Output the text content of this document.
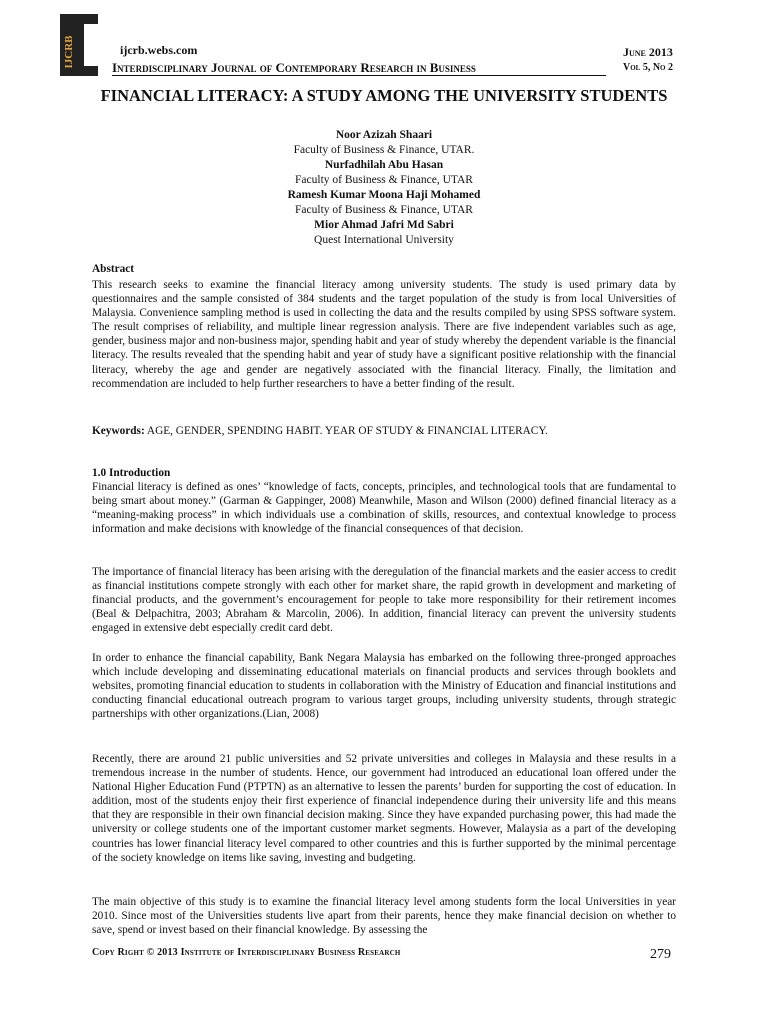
IJCRB	ijcrb.webs.com
Interdisciplinary Journal of Contemporary Research in Business
June 2013
Vol 5, No 2
FINANCIAL LITERACY: A STUDY AMONG THE UNIVERSITY STUDENTS
Noor Azizah Shaari
Faculty of Business & Finance, UTAR.
Nurfadhilah Abu Hasan
Faculty of Business & Finance, UTAR
Ramesh Kumar Moona Haji Mohamed
Faculty of Business & Finance, UTAR
Mior Ahmad Jafri Md Sabri
Quest International University
Abstract
This research seeks to examine the financial literacy among university students. The study is used primary data by questionnaires and the sample consisted of 384 students and the target population of the study is from local Universities of Malaysia. Convenience sampling method is used in collecting the data and the results compiled by using SPSS software system. The result comprises of reliability, and multiple linear regression analysis. There are five independent variables such as age, gender, business major and non-business major, spending habit and year of study whereby the dependent variable is the financial literacy. The results revealed that the spending habit and year of study have a significant positive relationship with the financial literacy, whereby the age and gender are negatively associated with the financial literacy. Finally, the limitation and recommendation are included to help further researchers to have a better finding of the result.
Keywords: AGE, GENDER, SPENDING HABIT. YEAR OF STUDY & FINANCIAL LITERACY.
1.0 Introduction
Financial literacy is defined as ones’ “knowledge of facts, concepts, principles, and technological tools that are fundamental to being smart about money.” (Garman & Gappinger, 2008) Meanwhile, Mason and Wilson (2000) defined financial literacy as a “meaning-making process” in which individuals use a combination of skills, resources, and contextual knowledge to process information and make decisions with knowledge of the financial consequences of that decision.
The importance of financial literacy has been arising with the deregulation of the financial markets and the easier access to credit as financial institutions compete strongly with each other for market share, the rapid growth in development and marketing of financial products, and the government’s encouragement for people to take more responsibility for their retirement incomes (Beal & Delpachitra, 2003; Abraham & Marcolin, 2006). In addition, financial literacy can prevent the university students engaged in extensive debt especially credit card debt.
In order to enhance the financial capability, Bank Negara Malaysia has embarked on the following three-pronged approaches which include developing and disseminating educational materials on financial products and services through booklets and websites, promoting financial education to students in collaboration with the Ministry of Education and financial institutions and conducting financial educational outreach program to various target groups, including university students, through strategic partnerships with other organizations.(Lian, 2008)
Recently, there are around 21 public universities and 52 private universities and colleges in Malaysia and these results in a tremendous increase in the number of students. Hence, our government had introduced an educational loan offered under the National Higher Education Fund (PTPTN) as an alternative to lessen the parents’ burden for supporting the cost of education. In addition, most of the students enjoy their first experience of financial independence during their university life and this means that they are responsible in their own financial decision making. Since they have expanded purchasing power, this had made the university or college students one of the important customer market segments. However, Malaysia as a part of the developing countries has lower financial literacy level compared to other countries and this is further supported by the minimal percentage of the society knowledge on items like saving, investing and budgeting.
The main objective of this study is to examine the financial literacy level among students form the local Universities in year 2010. Since most of the Universities students live apart from their parents, hence they make financial decision on whether to save, spend or invest based on their financial knowledge. By assessing the
Copy Right © 2013 Institute of Interdisciplinary Business Research	279
